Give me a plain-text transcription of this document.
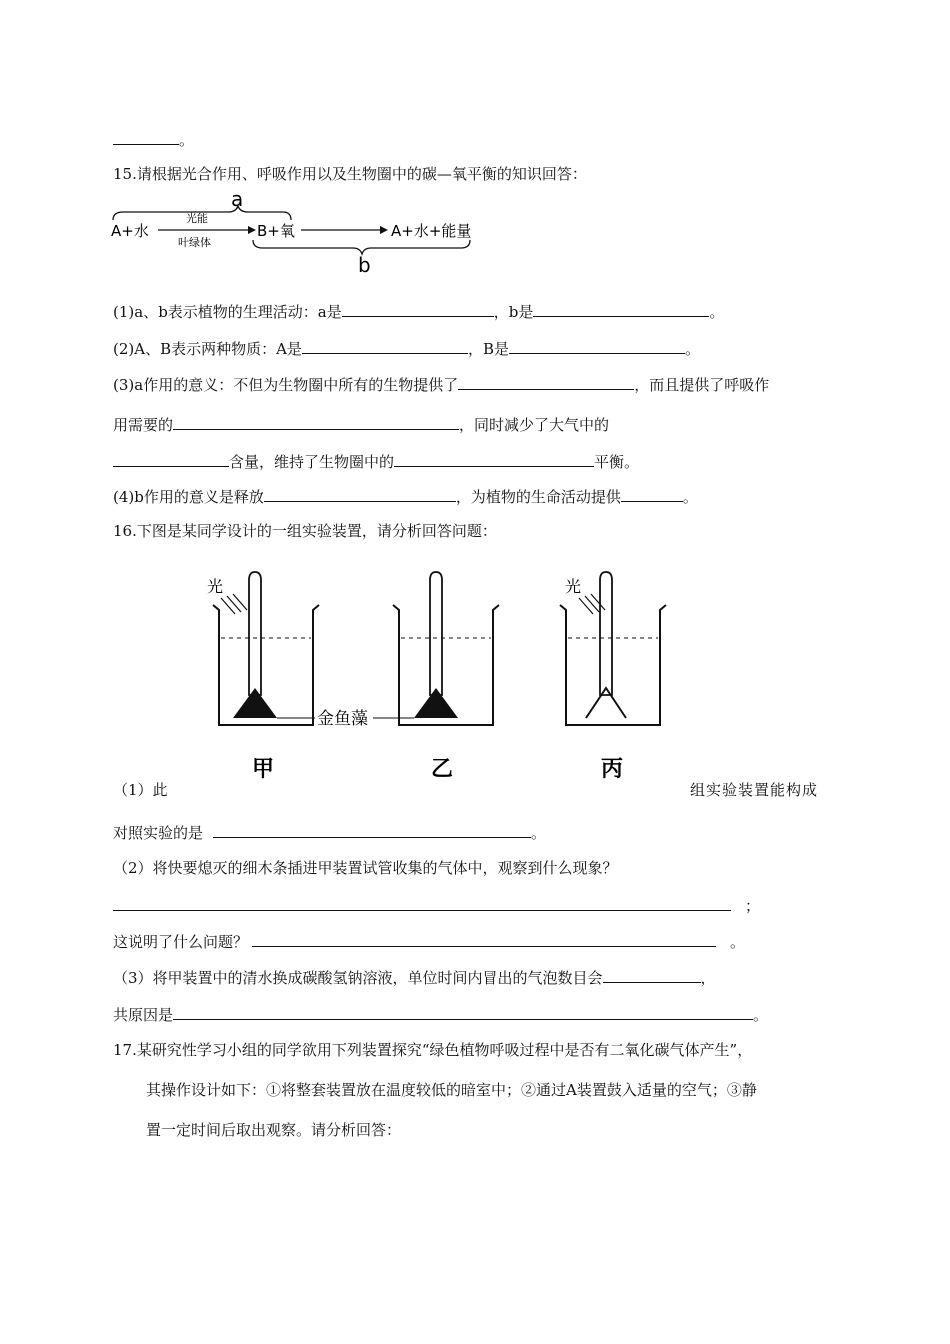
。
15.请根据光合作用、呼吸作用以及生物圈中的碳—氧平衡的知识回答：
a
A+水
光能
叶绿体
B+氧	A+水+能量
b
(1)a、b表示植物的生理活动：a是	，b是	。
(2)A、B表示两种物质：A是	，B是	。
(3)a作用的意义：不但为生物圈中所有的生物提供了	，而且提供了呼吸作
用需要的	，同时减少了大气中的
含量，维持了生物圈中的	平衡。
(4)b作用的意义是释放	，为植物的生命活动提供	。
16.下图是某同学设计的一组实验装置，请分析回答问题：
光
甲	乙
光
丙
金鱼藻
（1）此	组实验装置能构成
对照实验的是	。
（2）将快要熄灭的细木条插进甲装置试管收集的气体中，观察到什么现象？
；
这说明了什么问题？	。
（3）将甲装置中的清水换成碳酸氢钠溶液，单位时间内冒出的气泡数目会	，
共原因是	。
17.某研究性学习小组的同学欲用下列装置探究“绿色植物呼吸过程中是否有二氧化碳气体产生”，
其操作设计如下：①将整套装置放在温度较低的暗室中；②通过A装置鼓入适量的空气；③静
置一定时间后取出观察。请分析回答：
